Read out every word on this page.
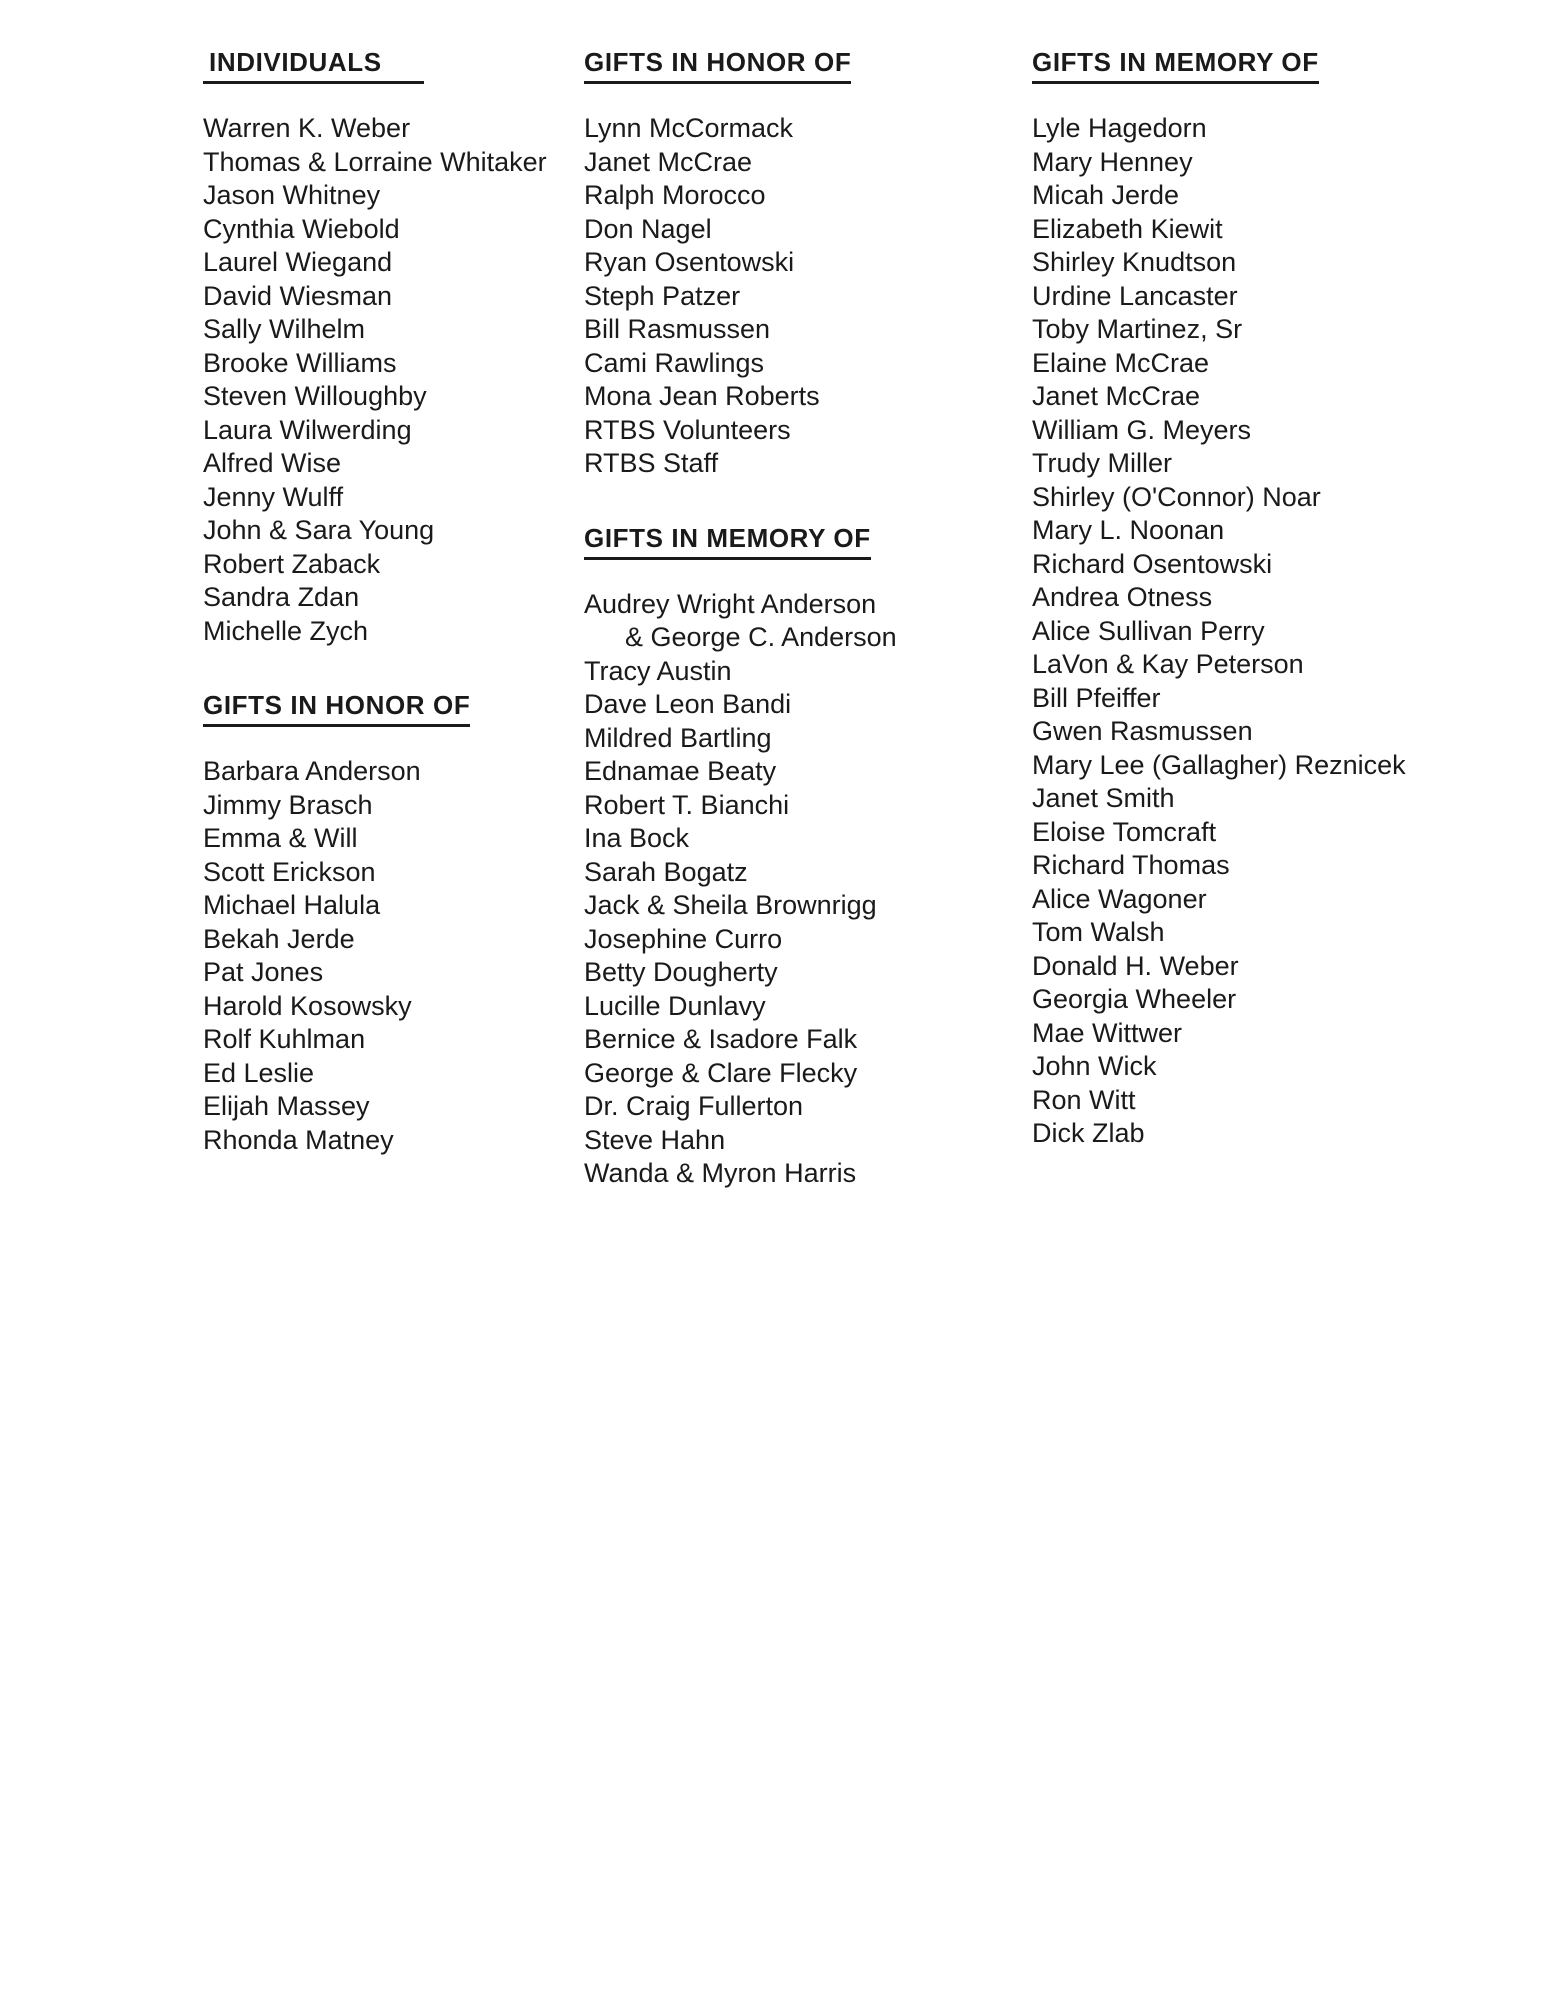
INDIVIDUALS
Warren K. Weber
Thomas & Lorraine Whitaker
Jason Whitney
Cynthia Wiebold
Laurel Wiegand
David Wiesman
Sally Wilhelm
Brooke Williams
Steven Willoughby
Laura Wilwerding
Alfred Wise
Jenny Wulff
John & Sara Young
Robert Zaback
Sandra Zdan
Michelle Zych
GIFTS IN HONOR OF
Barbara Anderson
Jimmy Brasch
Emma & Will
Scott Erickson
Michael Halula
Bekah Jerde
Pat Jones
Harold Kosowsky
Rolf Kuhlman
Ed Leslie
Elijah Massey
Rhonda Matney
GIFTS IN HONOR OF
Lynn McCormack
Janet McCrae
Ralph Morocco
Don Nagel
Ryan Osentowski
Steph Patzer
Bill Rasmussen
Cami Rawlings
Mona Jean Roberts
RTBS Volunteers
RTBS Staff
GIFTS IN MEMORY OF
Audrey Wright Anderson
& George C. Anderson
Tracy Austin
Dave Leon Bandi
Mildred Bartling
Ednamae Beaty
Robert T. Bianchi
Ina Bock
Sarah Bogatz
Jack & Sheila Brownrigg
Josephine Curro
Betty Dougherty
Lucille Dunlavy
Bernice & Isadore Falk
George & Clare Flecky
Dr. Craig Fullerton
Steve Hahn
Wanda & Myron Harris
GIFTS IN MEMORY OF
Lyle Hagedorn
Mary Henney
Micah Jerde
Elizabeth Kiewit
Shirley Knudtson
Urdine Lancaster
Toby Martinez, Sr
Elaine McCrae
Janet McCrae
William G. Meyers
Trudy Miller
Shirley (O'Connor) Noar
Mary L. Noonan
Richard Osentowski
Andrea Otness
Alice Sullivan Perry
LaVon & Kay Peterson
Bill Pfeiffer
Gwen Rasmussen
Mary Lee (Gallagher) Reznicek
Janet Smith
Eloise Tomcraft
Richard Thomas
Alice Wagoner
Tom Walsh
Donald H. Weber
Georgia Wheeler
Mae Wittwer
John Wick
Ron Witt
Dick Zlab
